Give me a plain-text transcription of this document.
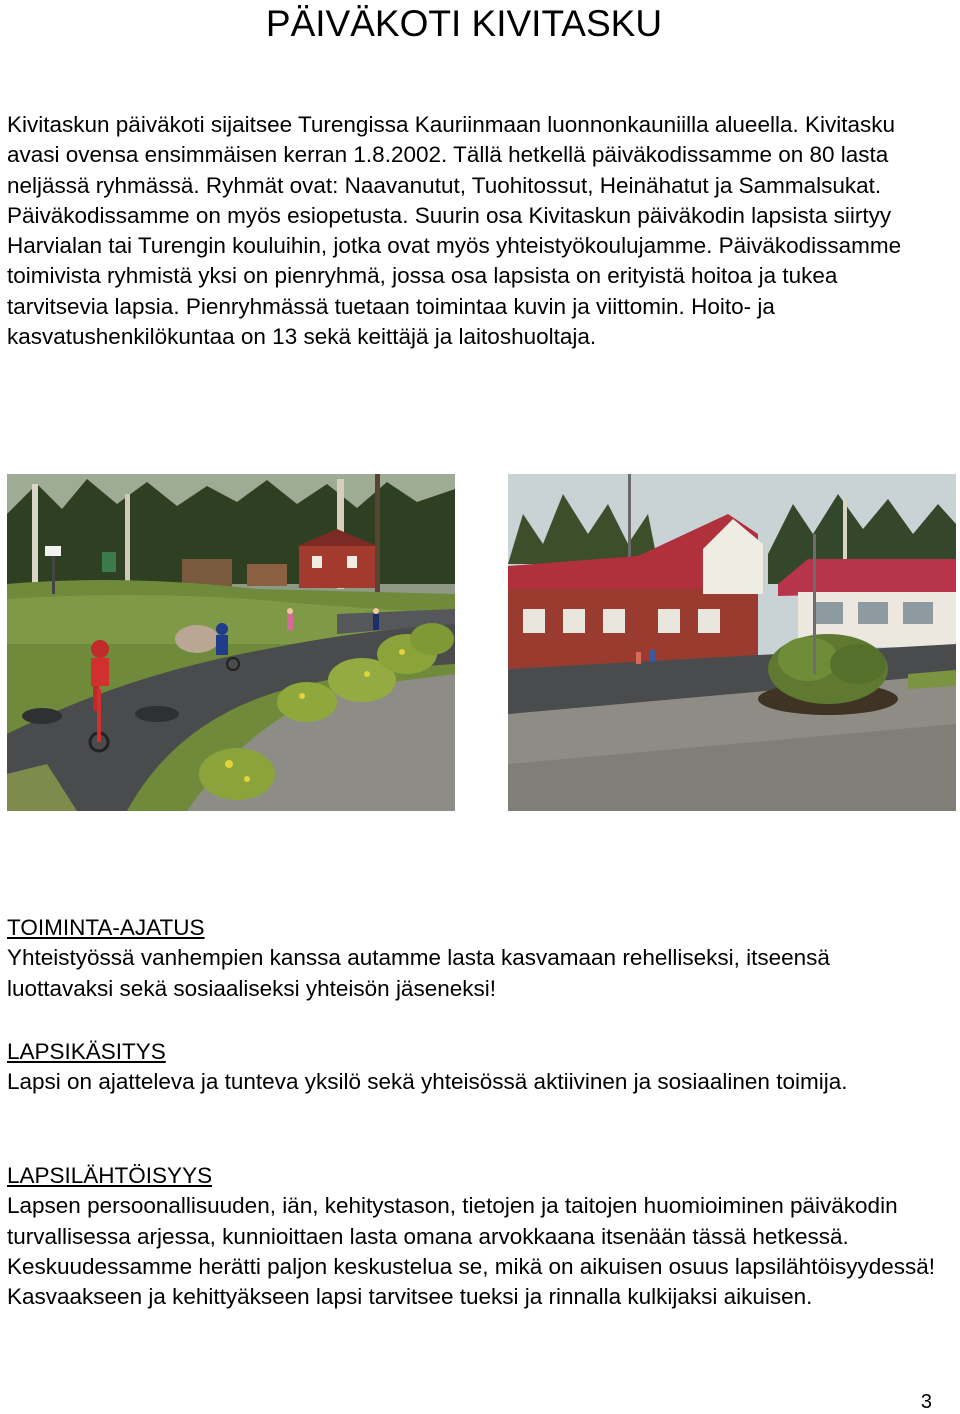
PÄIVÄKOTI KIVITASKU

Kivitaskun päiväkoti sijaitsee Turengissa Kauriinmaan luonnonkauniilla alueella. Kivitasku avasi ovensa ensimmäisen kerran 1.8.2002. Tällä hetkellä päiväkodissamme on 80 lasta neljässä ryhmässä. Ryhmät ovat: Naavanutut, Tuohitossut, Heinähatut ja Sammalsukat. Päiväkodissamme on myös esiopetusta. Suurin osa Kivitaskun päiväkodin lapsista siirtyy Harvialan tai Turengin kouluihin, jotka ovat myös yhteistyökoulujamme. Päiväkodissamme toimivista ryhmistä yksi on pienryhmä, jossa osa lapsista on erityistä hoitoa ja tukea tarvitsevia lapsia. Pienryhmässä tuetaan toimintaa kuvin ja viittomin. Hoito- ja kasvatushenkilökuntaa on 13 sekä keittäjä ja laitoshuoltaja.

TOIMINTA-AJATUS

Yhteistyössä vanhempien kanssa autamme lasta kasvamaan rehelliseksi, itseensä luottavaksi sekä sosiaaliseksi yhteisön jäseneksi!

LAPSIKÄSITYS

Lapsi on ajatteleva ja tunteva yksilö sekä yhteisössä aktiivinen ja sosiaalinen toimija.

LAPSILÄHTÖISYYS

Lapsen persoonallisuuden, iän, kehitystason, tietojen ja taitojen huomioiminen päiväkodin turvallisessa arjessa, kunnioittaen lasta omana arvokkaana itsenään tässä hetkessä. Keskuudessamme herätti paljon keskustelua se, mikä on aikuisen osuus lapsilähtöisyydessä! Kasvaakseen ja kehittyäkseen lapsi tarvitsee tueksi ja rinnalla kulkijaksi aikuisen.

3
